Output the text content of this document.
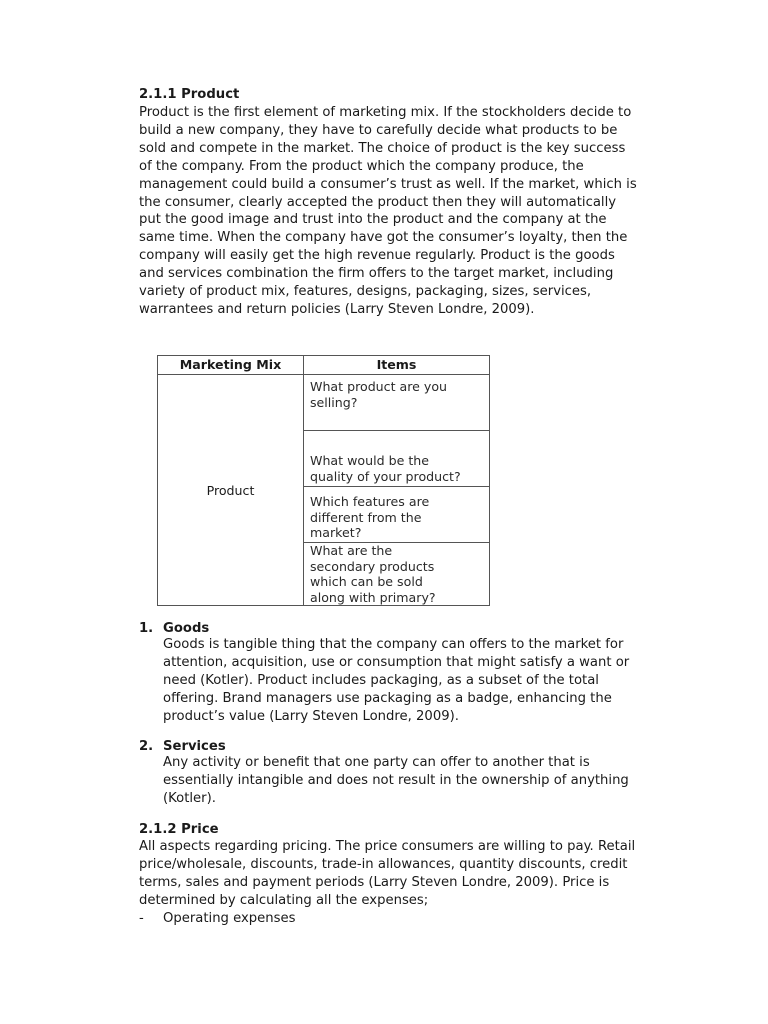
2.1.1 Product
Product is the first element of marketing mix. If the stockholders decide to
build a new company, they have to carefully decide what products to be
sold and compete in the market. The choice of product is the key success
of the company. From the product which the company produce, the
management could build a consumer’s trust as well. If the market, which is
the consumer, clearly accepted the product then they will automatically
put the good image and trust into the product and the company at the
same time. When the company have got the consumer’s loyalty, then the
company will easily get the high revenue regularly. Product is the goods
and services combination the firm offers to the target market, including
variety of product mix, features, designs, packaging, sizes, services,
warrantees and return policies (Larry Steven Londre, 2009).
Marketing Mix	Items
Product	What product are you
selling?

	What would be the
quality of your product?

	Which features are
different from the
market?

	What are the
secondary products
which can be sold
along with primary?
1. Goods
Goods is tangible thing that the company can offers to the market for
attention, acquisition, use or consumption that might satisfy a want or
need (Kotler). Product includes packaging, as a subset of the total
offering. Brand managers use packaging as a badge, enhancing the
product’s value (Larry Steven Londre, 2009).
2. Services
Any activity or benefit that one party can offer to another that is
essentially intangible and does not result in the ownership of anything
(Kotler).
2.1.2 Price
All aspects regarding pricing. The price consumers are willing to pay. Retail
price/wholesale, discounts, trade-in allowances, quantity discounts, credit
terms, sales and payment periods (Larry Steven Londre, 2009). Price is
determined by calculating all the expenses;
- Operating expenses
